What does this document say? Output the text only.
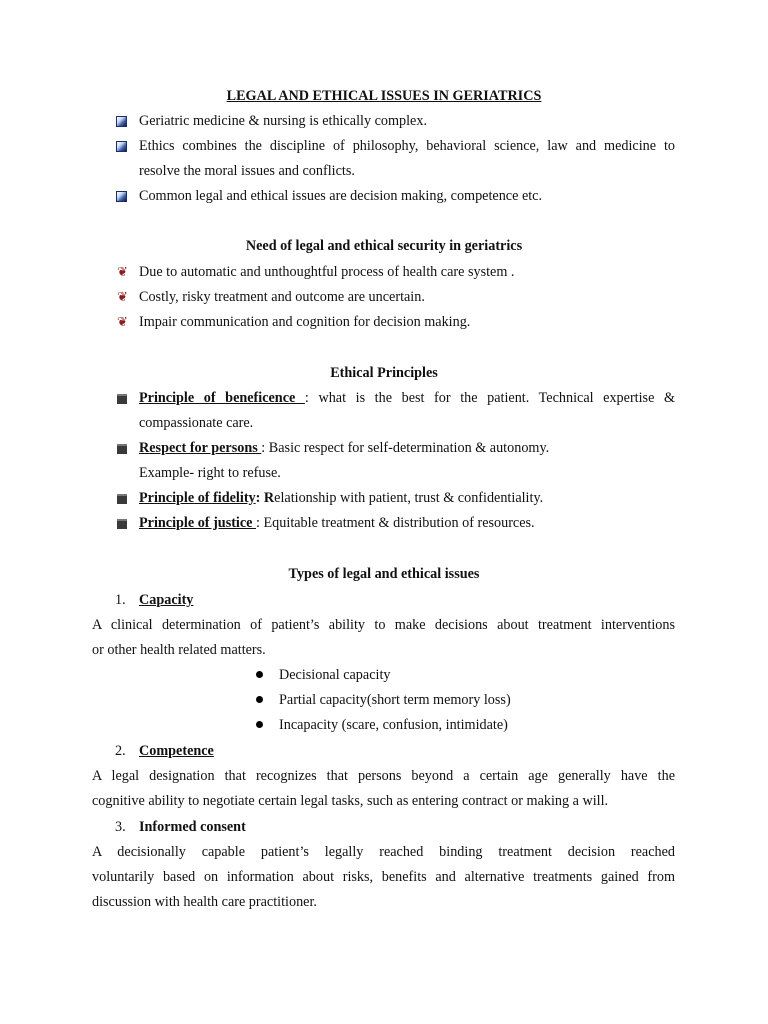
LEGAL AND ETHICAL ISSUES IN GERIATRICS
Geriatric medicine & nursing is ethically complex.
Ethics combines the discipline of philosophy, behavioral science, law and medicine to
resolve the moral issues and conflicts.
Common legal and ethical issues are decision making, competence etc.
Need of legal and ethical security in geriatrics
❦ Due to automatic and unthoughtful process of health care system .
❦ Costly, risky treatment and outcome are uncertain.
❦ Impair communication and cognition for decision making.
Ethical Principles
Principle of beneficence : what is the best for the patient. Technical expertise &
compassionate care.
Respect for persons : Basic respect for self-determination & autonomy.
Example- right to refuse.
Principle of fidelity: Relationship with patient, trust & confidentiality.
Principle of justice : Equitable treatment & distribution of resources.
Types of legal and ethical issues
1. Capacity
A clinical determination of patient’s ability to make decisions about treatment interventions
or other health related matters.
Decisional capacity
Partial capacity(short term memory loss)
Incapacity (scare, confusion, intimidate)
2. Competence
A legal designation that recognizes that persons beyond a certain age generally have the
cognitive ability to negotiate certain legal tasks, such as entering contract or making a will.
3. Informed consent
A decisionally capable patient’s legally reached binding treatment decision reached
voluntarily based on information about risks, benefits and alternative treatments gained from
discussion with health care practitioner.
